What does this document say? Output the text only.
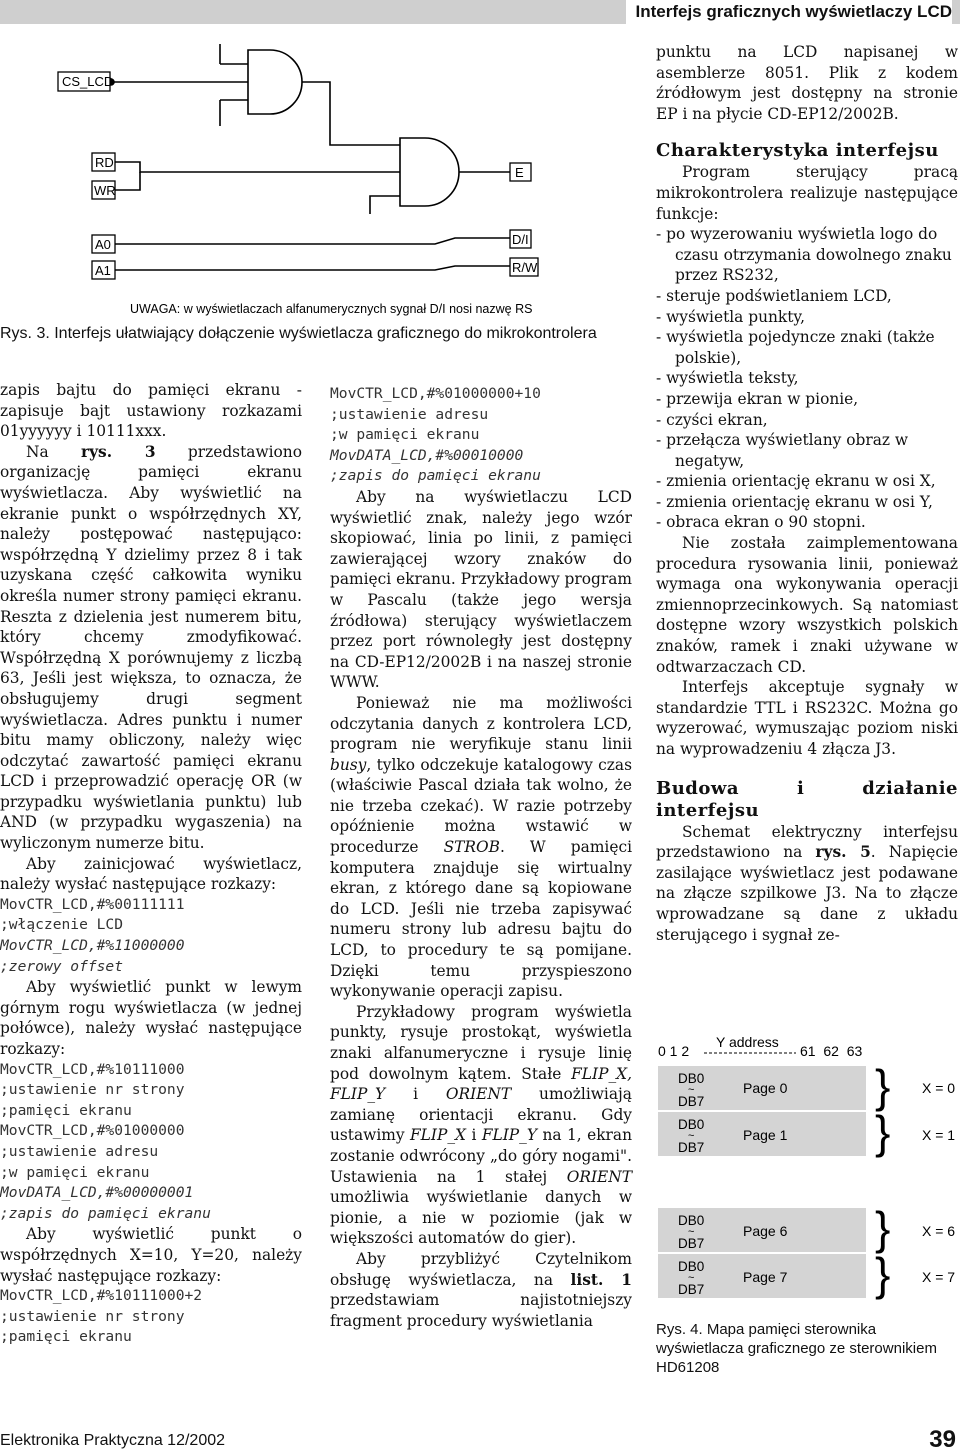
Interfejs graficznych wyświetlaczy LCD
CS_LCD
RD
WR
A0
A1
E
D/I
R/W
UWAGA: w wyświetlaczach alfanumerycznych sygnał D/I nosi nazwę RS
Rys. 3. Interfejs ułatwiający dołączenie wyświetlacza graficznego do mikrokontrolera

zapis bajtu do pamięci ekranu - zapisuje bajt ustawiony rozkazami 01yyyyyy i 10111xxx.

Na rys. 3 przedstawiono organizację pamięci ekranu wyświetlacza. Aby wyświetlić na ekranie punkt o współrzędnych XY, należy postępować następująco: współrzędną Y dzielimy przez 8 i tak uzyskana część całkowita wyniku określa numer strony pamięci ekranu. Reszta z dzielenia jest numerem bitu, który chcemy zmodyfikować. Współrzędną X porównujemy z liczbą 63, Jeśli jest większa, to oznacza, że obsługujemy drugi segment wyświetlacza. Adres punktu i numer bitu mamy obliczony, należy więc odczytać zawartość pamięci ekranu LCD i przeprowadzić operację OR (w przypadku wyświetlania punktu) lub AND (w przypadku wygaszenia) na wyliczonym numerze bitu.

Aby zainicjować wyświetlacz, należy wysłać następujące rozkazy:

MovCTR_LCD,#%00111111
;włączenie LCD
MovCTR_LCD,#%11000000
;zerowy offset

Aby wyświetlić punkt w lewym górnym rogu wyświetlacza (w jednej połówce), należy wysłać następujące rozkazy:

MovCTR_LCD,#%10111000
;ustawienie nr strony
;pamięci ekranu
MovCTR_LCD,#%01000000
;ustawienie adresu
;w pamięci ekranu
MovDATA_LCD,#%00000001
;zapis do pamięci ekranu

Aby wyświetlić punkt o współrzędnych X=10, Y=20, należy wysłać następujące rozkazy:

MovCTR_LCD,#%10111000+2
;ustawienie nr strony
;pamięci ekranu
MovCTR_LCD,#%01000000+10
;ustawienie adresu
;w pamięci ekranu
MovDATA_LCD,#%00010000
;zapis do pamięci ekranu

Aby na wyświetlaczu LCD wyświetlić znak, należy jego wzór skopiować, linia po linii, z pamięci zawierającej wzory znaków do pamięci ekranu. Przykładowy program w Pascalu (także jego wersja źródłowa) sterujący wyświetlaczem przez port równoległy jest dostępny na CD-EP12/2002B i na naszej stronie WWW.

Ponieważ nie ma możliwości odczytania danych z kontrolera LCD, program nie weryfikuje stanu linii busy, tylko odczekuje katalogowy czas (właściwie Pascal działa tak wolno, że nie trzeba czekać). W razie potrzeby opóźnienie można wstawić w procedurze STROB. W pamięci komputera znajduje się wirtualny ekran, z którego dane są kopiowane do LCD. Jeśli nie trzeba zapisywać numeru strony lub adresu bajtu do LCD, to procedury te są pomijane. Dzięki temu przyspieszono wykonywanie operacji zapisu.

Przykładowy program wyświetla punkty, rysuje prostokąt, wyświetla znaki alfanumeryczne i rysuje linię pod dowolnym kątem. Stałe FLIP_X, FLIP_Y i ORIENT umożliwiają zamianę orientacji ekranu. Gdy ustawimy FLIP_X i FLIP_Y na 1, ekran zostanie odwrócony „do góry nogami". Ustawienia na 1 stałej ORIENT umożliwia wyświetlanie danych w pionie, a nie w poziomie (jak w większości automatów do gier).

Aby przybliżyć Czytelnikom obsługę wyświetlacza, na list. 1 przedstawiam najistotniejszy fragment procedury wyświetlania

punktu na LCD napisanej w asemblerze 8051. Plik z kodem źródłowym jest dostępny na stronie EP i na płycie CD-EP12/2002B.

Charakterystyka interfejsu

Program sterujący pracą mikrokontrolera realizuje następujące funkcje:

- po wyzerowaniu wyświetla logo do czasu otrzymania dowolnego znaku przez RS232,
- steruje podświetlaniem LCD,
- wyświetla punkty,
- wyświetla pojedyncze znaki (także polskie),
- wyświetla teksty,
- przewija ekran w pionie,
- czyści ekran,
- przełącza wyświetlany obraz w negatyw,
- zmienia orientację ekranu w osi X,
- zmienia orientację ekranu w osi Y,
- obraca ekran o 90 stopni.

Nie została zaimplementowana procedura rysowania linii, ponieważ wymaga ona wykonywania operacji zmiennoprzecinkowych. Są natomiast dostępne wzory wszystkich polskich znaków, ramek i znaki używane w odtwarzaczach CD.

Interfejs akceptuje sygnały w standardzie TTL i RS232C. Można go wyzerować, wymuszając poziom niski na wyprowadzeniu 4 złącza J3.

Budowa i działanie interfejsu

Schemat elektryczny interfejsu przedstawiono na rys. 5. Napięcie zasilające wyświetlacz jest podawane na złącze szpilkowe J3. Na to złącze wprowadzane są dane z układu sterującego i sygnał ze-

Y address
0 1 2	61  62  63
DB0
~
DB7
Page 0 } X = 0
DB0
~
DB7
Page 1 } X = 1
DB0
~
DB7
Page 6 } X = 6
DB0
~
DB7
Page 7 } X = 7
Rys. 4. Mapa pamięci sterownika wyświetlacza graficznego ze sterownikiem HD61208
Elektronika Praktyczna 12/2002	39
